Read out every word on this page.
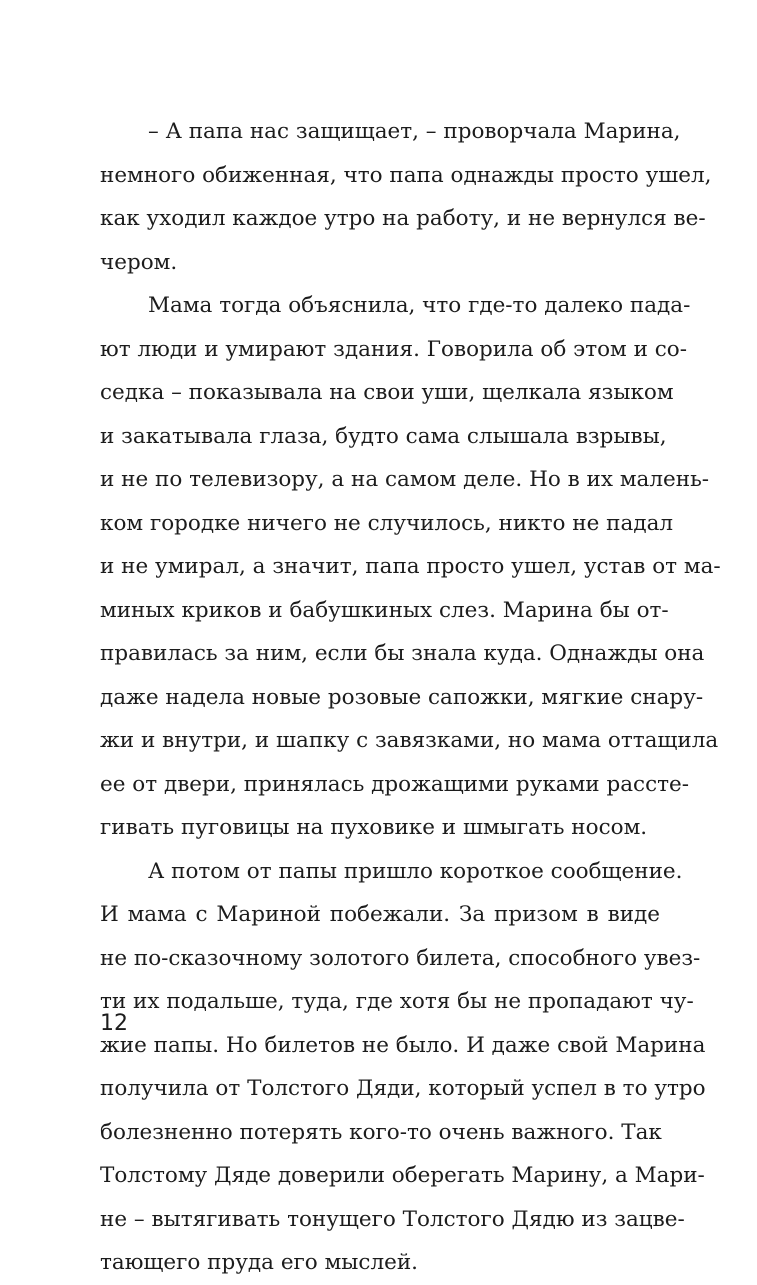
– А папа нас защищает, – проворчала Марина,
немного обиженная, что папа однажды просто ушел,
как уходил каждое утро на работу, и не вернулся ве-
чером.
Мама тогда объяснила, что где-то далеко падa-
ют люди и умирают здания. Говорила об этом и со-
седка – показывала на свои уши, щелкала языком
и закатывала глаза, будто сама слышала взрывы,
и не по телевизору, а на самом деле. Но в их малень-
ком городке ничего не случилось, никто не падал
и не умирал, а значит, папа просто ушел, устав от ма-
миных криков и бабушкиных слез. Марина бы от-
правилась за ним, если бы знала куда. Однажды она
даже надела новые розовые сапожки, мягкие снару-
жи и внутри, и шапку с завязками, но мама оттащила
ее от двери, принялась дрожащими руками расстe-
гивать пуговицы на пуховике и шмыгать носом.
А потом от папы пришло короткое сообщение.
И мама с Мариной побежали. За призом в виде
не по-сказочному золотого билета, способного увез-
ти их подальше, туда, где хотя бы не пропадают чу-
жие папы. Но билетов не было. И даже свой Марина
получила от Толстого Дяди, который успел в то утро
болезненно потерять кого-то очень важного. Так
Толстому Дяде доверили оберегать Марину, а Мари-
не – вытягивать тонущего Толстого Дядю из зацвe-
тающего пруда его мыслей.
12
